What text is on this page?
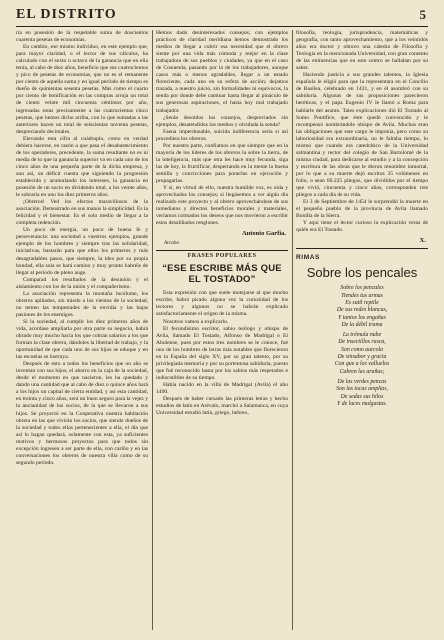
EL DISTRITO	5

ría en posesión de la respetable suma de doscientos cuarenta pesetas de economías.

En cambio, ese mismo individuo, en este ejemplo que, para mayor claridad, o el lector de sus cálculos, ha calculado con el sexto u octavo de la ganancia que en ella tenía, al cabo de diez años, beneficio que sus cuatrocientos y pico de pesetas de economías, que no es el remanente por ciento de aquella suma y en igual período de tiempo es dueño de quinientas sesenta pesetas. Más como el cuarto por ciento de bonificación en las compras arroja un total de ciento veinte mil cincuenta céntimos por año, ingresadas estas precisamente a las cuatrocientas cinco pesetas, que hemos dicho arriba, con lo que sumadas a las anteriores hacen un total de seiscientas noventa pesetas, despreciando decimales.

Elevando esta cifra al cuádruplo, como en verdad debiera hacerse, en razón a que pasa el desabastecimiento de los operadores, precedente, la suma resultante no es ni media de lo que la ganancia superior va en cada uno de los cinco años de una pequeña parte de la dicha empresa, y aun así, un déficit cuenta que siguiendo la progresión establecida y acumulando los intereses, la ganancia en posesión de un socio en dividendo total, a los veinte años, le sobraría en uno los diez primeros años.

¡Obreros! Ved los efectos maravillosos de la asociación. Demostrado en sus manos la simplicidad. Es la felicidad y el bienestar. Es el solo medio de llegar a la completa redención.

Un poco de energía, un poco de buena fe y perseverancia: una sociedad a vuestros ejemplos, grande ejemplo de los hombres y siempre tras las solidaridad, iniciativas, bastarán para que ellos los primeros y más desagradables pasos, que siempre, la idea por su propia bondad, ella sola se hará camino y muy pronto habréis de llegar al período de pleno auge.

Comparad los resultados de la desunión y el aislamiento con los de la unión y el compañerismo.

La asociación representa la montaña incólume, los obreros apiñados, sin miedo a los vientos de la sociedad, no temen las tempestades de la envidia y las bajas pasiones de los enemigos.

Si la sociedad, al cumplir los diez primeros años de vida, acordase ampliarla por otra parte su negocio, habrá obrado muy mucho hacia los que cobran salarios a los que forman la clase obrera, dándoles la libertad de trabajo, y la oportunidad de que cada uno de sus hijos se eduque y en las escuelas se instruya.

Después de esto a todos los beneficios que un año se inventan con sus hijos, el ahorro en la caja de la sociedad, desde el momento en que nacieron, les ha quedado y dando una cantidad que al cabo de diez o quince años hará a los hijos un capital de cierta entidad, y así esta cantidad, en treinta y cinco años, será un buen seguro para la vejez y la ancianidad de los socios, de la que se llevaron a sus hijos. Se proyectó en la Cooperativa nuestra habitación obrera en las que vivirán los socios, que siendo dueños de la sociedad y todos ellos pertenecientes a ella, el día que así lo hagan quedará, solamente con esta, ya suficientes motivos y hermosos proyectos para que todos sin excepción ingresen a ser parte de ella, con cariño y en las conversaciones los obreros de nuestra villa como de su segundo período.

Hemos dado desinteresados consejos; con ejemplos prácticos de claridad meridiana hemos demostrado los medios de llegar a cubrir esa necesidad que el obrero siente por una vida más cómoda y mejor en la clase trabajadora de sus pueblos y ciudades, ya que en el caso de Cosuenda, pasando por la de los trabajadores, aunque casos más o menos agradables, llegar a un estado floreciente, cada uno en su esfera de acción; dejamos trazada, a nuestro juicio, sin formalidades ni equívocos, la senda por donde debe caminar hasta llegar al pináculo de sus generosas aspiraciones, el hasta hoy mal trabajado trabajador.

¿Serán desoídos los consejos, despreciados sin ejemplos, desatendidos los medios y olvidada la senda?

Faena imperdonable, suicida indiferencia sería si así procediera los obreros.

Por nuestra parte, confiamos en que siempre que en la mayoría de los líderes de los obreros la sobre la tierra, de la inteligencia, más que otra les hace muy fecunda, siga las de hoy, la fructificar, despertando en la mente la buena semilla y convicciones para ponerlas en ejecución y propagarlas.

Y si, en virtud de ello, nuestra humilde voz, es oída y aprovechados los consejos; si llegásemos a ver algún día realizado este proyecto y al obrero aprovechándose de sus inmediatos y directos beneficios morales y materiales, veríamos colmados los deseos que nos movieron a escribir estos desaliñados renglones.

Antonio Garfia.
Arcabe.
FRASES POPULARES
“ESE ESCRIBE MÁS QUE EL TOSTADO”

Esta expresión con que suele motejarse al que mucho escribe, habrá picado alguna vez la curiosidad de los lectores y algunos no se habrán explicado satisfactoriamente el origen de la misma.

Nosotros vamos a explicarlo.

El fecundísimo escritor, sabio teólogo y obispo de Avila, llamado El Tostado, Alfonso de Madrigal o El Abulense, pues por estos tres nombres se le conoce, fué uno de los hombres de letras más notables que florecieron en la España del siglo XV, por su gran talento, por su privilegiada memoria y por su portentosa sabiduría, puesto que fué reconocido hasta por los sabios más respetados e indiscutibles de su tiempo.

Había nacido en la villa de Madrigal (Avila) el año 1400.

Después de haber cursado las primeras letras y hecho estudios de latín en Arévalo, marchó a Salamanca, en cuya Universidad estudió latín, griego, hebreo,

filosofía, teología, jurisprudencia, matemáticas y geografía, con tanto aprovechamiento, que a los veintidós años era doctor y obtuvo una cátedra de Filosofía y Teología en la mencionada Universidad, con gran contento de las eminencias que en este centro se hallaban por su saber.

Haciendo justicia a sus grandes talentos, la Iglesia española le eligió para que la representara en el Concilio de Basilea, celebrado en 1431, y en él asombró con su sabiduría. Algunas de sus proposiciones parecieron heréticas, y el papa Eugenio IV le llamó a Roma para hablarle del asunto. Tales explicaciones dió El Tostado al Sumo Pontífice, que éste quedó convencido y le recompensó nombrándole obispo de Avila. Muchas eran las obligaciones que este cargo le imponía, pero como su laboriosidad era extraordinaria, no le faltaba tiempo, lo mismo que cuando era catedrático de la Universidad salmantina y rector del colegio de San Bartolomé de la misma ciudad, para dedicarse al estudio y a la concepción y escritura de las obras que le dieron renombre inmortal, por lo que a su muerte dejó escritos 35 volúmenes en folio, o sean 60.225 pliegos, que divididos por el tiempo que vivió, cincuenta y cinco años, corresponden tres pliegos a cada día de su vida.

El 3 de Septiembre de 1454 le sorprendió la muerte en el pequeño pueblo de la provincia de Avila llamado Bonilla de la Sierra.

Y aquí tiene el lector curioso la explicación veraz de quién era El Tostado.

X.
RIMAS
Sobre los pencales
Sobre los pencales
Tiendes tus armas
Es sutil reptile
De sus redes blancas,
Y tantos los engañas
De la débil trama
La trémula nube
De insectillos rasca,
Son como aurcola
De sinsabor y gracia
Con que a los valluelos
Cubren las arañas;
De las verdes pencas
Son las tocas amplias,
De sedas sus hilos
Y de luces malgastas.
